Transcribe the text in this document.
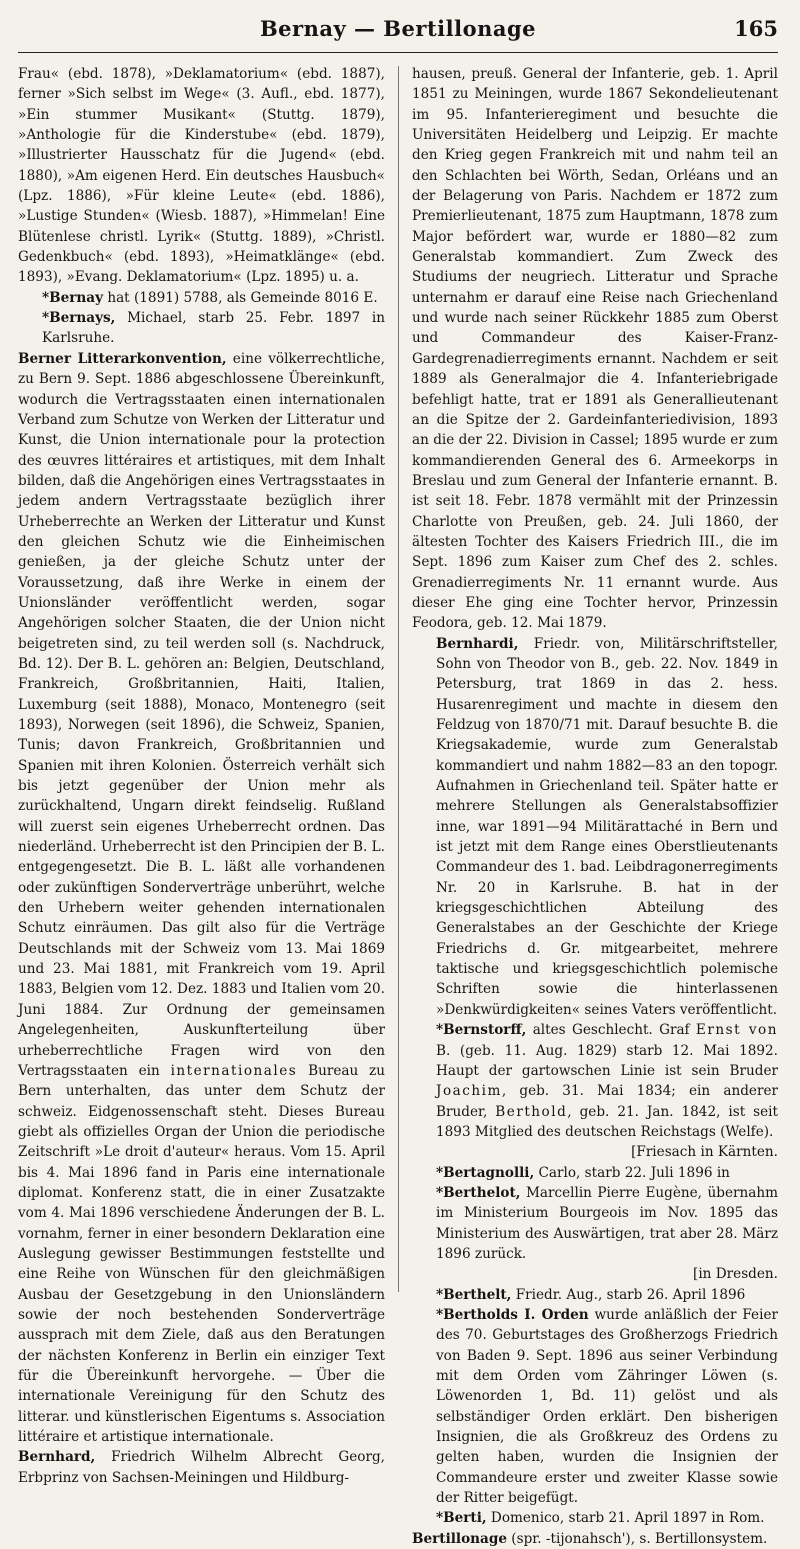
Bernay — Bertillonage	165

Frau« (ebd. 1878), »Deklamatorium« (ebd. 1887), ferner »Sich selbst im Wege« (3. Aufl., ebd. 1877), »Ein stummer Musikant« (Stuttg. 1879), »Anthologie für die Kinderstube« (ebd. 1879), »Illustrierter Hausschatz für die Jugend« (ebd. 1880), »Am eigenen Herd. Ein deutsches Hausbuch« (Lpz. 1886), »Für kleine Leute« (ebd. 1886), »Lustige Stunden« (Wiesb. 1887), »Himmelan! Eine Blütenlese christl. Lyrik« (Stuttg. 1889), »Christl. Gedenkbuch« (ebd. 1893), »Heimatklänge« (ebd. 1893), »Evang. Deklamatorium« (Lpz. 1895) u. a.

*Bernay hat (1891) 5788, als Gemeinde 8016 E.

*Bernays, Michael, starb 25. Febr. 1897 in Karlsruhe.

Berner Litterarkonvention, eine völkerrechtliche, zu Bern 9. Sept. 1886 abgeschlossene Übereinkunft, wodurch die Vertragsstaaten einen internationalen Verband zum Schutze von Werken der Litteratur und Kunst, die Union internationale pour la protection des œuvres littéraires et artistiques, mit dem Inhalt bilden, daß die Angehörigen eines Vertragsstaates in jedem andern Vertragsstaate bezüglich ihrer Urheberrechte an Werken der Litteratur und Kunst den gleichen Schutz wie die Einheimischen genießen, ja der gleiche Schutz unter der Voraussetzung, daß ihre Werke in einem der Unionsländer veröffentlicht werden, sogar Angehörigen solcher Staaten, die der Union nicht beigetreten sind, zu teil werden soll (s. Nachdruck, Bd. 12). Der B. L. gehören an: Belgien, Deutschland, Frankreich, Großbritannien, Haiti, Italien, Luxemburg (seit 1888), Monaco, Montenegro (seit 1893), Norwegen (seit 1896), die Schweiz, Spanien, Tunis; davon Frankreich, Großbritannien und Spanien mit ihren Kolonien. Österreich verhält sich bis jetzt gegenüber der Union mehr als zurückhaltend, Ungarn direkt feindselig. Rußland will zuerst sein eigenes Urheberrecht ordnen. Das niederländ. Urheberrecht ist den Principien der B. L. entgegengesetzt. Die B. L. läßt alle vorhandenen oder zukünftigen Sonderverträge unberührt, welche den Urhebern weiter gehenden internationalen Schutz einräumen. Das gilt also für die Verträge Deutschlands mit der Schweiz vom 13. Mai 1869 und 23. Mai 1881, mit Frankreich vom 19. April 1883, Belgien vom 12. Dez. 1883 und Italien vom 20. Juni 1884. Zur Ordnung der gemeinsamen Angelegenheiten, Auskunfterteilung über urheberrechtliche Fragen wird von den Vertragsstaaten ein internationales Bureau zu Bern unterhalten, das unter dem Schutz der schweiz. Eidgenossenschaft steht. Dieses Bureau giebt als offizielles Organ der Union die periodische Zeitschrift »Le droit d'auteur« heraus. Vom 15. April bis 4. Mai 1896 fand in Paris eine internationale diplomat. Konferenz statt, die in einer Zusatzakte vom 4. Mai 1896 verschiedene Änderungen der B. L. vornahm, ferner in einer besondern Deklaration eine Auslegung gewisser Bestimmungen feststellte und eine Reihe von Wünschen für den gleichmäßigen Ausbau der Gesetzgebung in den Unionsländern sowie der noch bestehenden Sonderverträge aussprach mit dem Ziele, daß aus den Beratungen der nächsten Konferenz in Berlin ein einziger Text für die Übereinkunft hervorgehe. — Über die internationale Vereinigung für den Schutz des litterar. und künstlerischen Eigentums s. Association littéraire et artistique internationale.

Bernhard, Friedrich Wilhelm Albrecht Georg, Erbprinz von Sachsen-Meiningen und Hildburg-

hausen, preuß. General der Infanterie, geb. 1. April 1851 zu Meiningen, wurde 1867 Sekondelieutenant im 95. Infanterieregiment und besuchte die Universitäten Heidelberg und Leipzig. Er machte den Krieg gegen Frankreich mit und nahm teil an den Schlachten bei Wörth, Sedan, Orléans und an der Belagerung von Paris. Nachdem er 1872 zum Premierlieutenant, 1875 zum Hauptmann, 1878 zum Major befördert war, wurde er 1880—82 zum Generalstab kommandiert. Zum Zweck des Studiums der neugriech. Litteratur und Sprache unternahm er darauf eine Reise nach Griechenland und wurde nach seiner Rückkehr 1885 zum Oberst und Commandeur des Kaiser-Franz-Gardegrenadierregiments ernannt. Nachdem er seit 1889 als Generalmajor die 4. Infanteriebrigade befehligt hatte, trat er 1891 als Generallieutenant an die Spitze der 2. Gardeinfanteriedivision, 1893 an die der 22. Division in Cassel; 1895 wurde er zum kommandierenden General des 6. Armeekorps in Breslau und zum General der Infanterie ernannt. B. ist seit 18. Febr. 1878 vermählt mit der Prinzessin Charlotte von Preußen, geb. 24. Juli 1860, der ältesten Tochter des Kaisers Friedrich III., die im Sept. 1896 zum Kaiser zum Chef des 2. schles. Grenadierregiments Nr. 11 ernannt wurde. Aus dieser Ehe ging eine Tochter hervor, Prinzessin Feodora, geb. 12. Mai 1879.

Bernhardi, Friedr. von, Militärschriftsteller, Sohn von Theodor von B., geb. 22. Nov. 1849 in Petersburg, trat 1869 in das 2. hess. Husarenregiment und machte in diesem den Feldzug von 1870/71 mit. Darauf besuchte B. die Kriegsakademie, wurde zum Generalstab kommandiert und nahm 1882—83 an den topogr. Aufnahmen in Griechenland teil. Später hatte er mehrere Stellungen als Generalstabsoffizier inne, war 1891—94 Militärattaché in Bern und ist jetzt mit dem Range eines Oberstlieutenants Commandeur des 1. bad. Leibdragonerregiments Nr. 20 in Karlsruhe. B. hat in der kriegsgeschichtlichen Abteilung des Generalstabes an der Geschichte der Kriege Friedrichs d. Gr. mitgearbeitet, mehrere taktische und kriegsgeschichtlich polemische Schriften sowie die hinterlassenen »Denkwürdigkeiten« seines Vaters veröffentlicht.

*Bernstorff, altes Geschlecht. Graf Ernst von B. (geb. 11. Aug. 1829) starb 12. Mai 1892. Haupt der gartowschen Linie ist sein Bruder Joachim, geb. 31. Mai 1834; ein anderer Bruder, Berthold, geb. 21. Jan. 1842, ist seit 1893 Mitglied des deutschen Reichstags (Welfe).
[Friesach in Kärnten.

*Bertagnolli, Carlo, starb 22. Juli 1896 in

*Berthelot, Marcellin Pierre Eugène, übernahm im Ministerium Bourgeois im Nov. 1895 das Ministerium des Auswärtigen, trat aber 28. März 1896 zurück.
[in Dresden.

*Berthelt, Friedr. Aug., starb 26. April 1896

*Bertholds I. Orden wurde anläßlich der Feier des 70. Geburtstages des Großherzogs Friedrich von Baden 9. Sept. 1896 aus seiner Verbindung mit dem Orden vom Zähringer Löwen (s. Löwenorden 1, Bd. 11) gelöst und als selbständiger Orden erklärt. Den bisherigen Insignien, die als Großkreuz des Ordens zu gelten haben, wurden die Insignien der Commandeure erster und zweiter Klasse sowie der Ritter beigefügt.

*Berti, Domenico, starb 21. April 1897 in Rom.

Bertillonage (spr. -tijonahsch'), s. Bertillonsystem.
